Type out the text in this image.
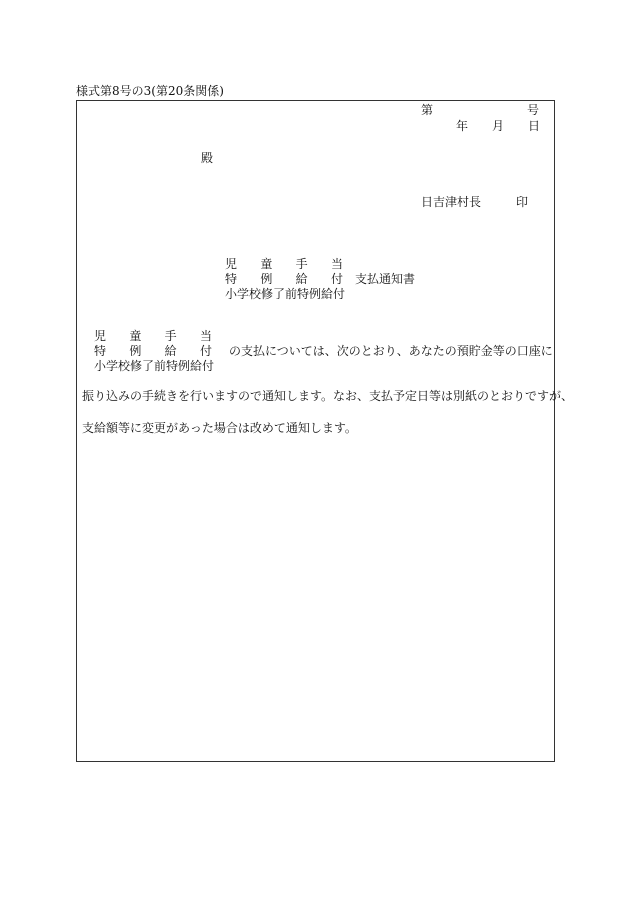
様式第8号の3(第20条関係)
第	号
年 月 日
殿
日吉津村長	印
児 童 手 当
特 例 給 付 支払通知書
小学校修了前特例給付
児 童 手 当
特 例 給 付 の支払については、次のとおり、あなたの預貯金等の口座に
小学校修了前特例給付
振り込みの手続きを行いますので通知します。なお、支払予定日等は別紙のとおりですが、
支給額等に変更があった場合は改めて通知します。
